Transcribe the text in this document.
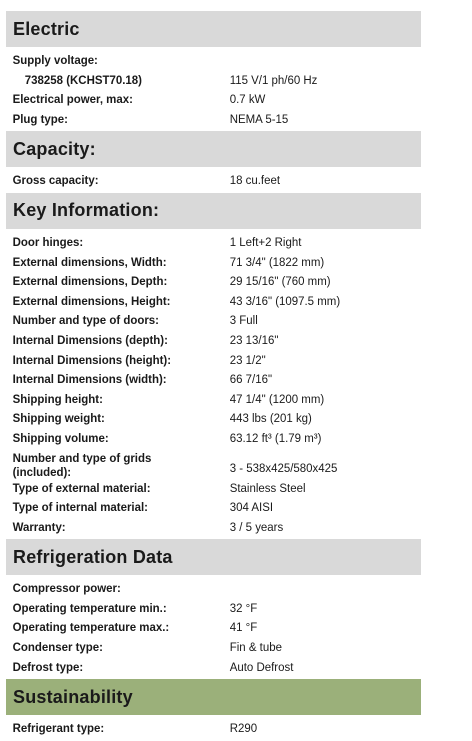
Electric
Supply voltage:
738258 (KCHST70.18)	115 V/1 ph/60 Hz
Electrical power, max:	0.7 kW
Plug type:	NEMA 5-15
Capacity:
Gross capacity:	18 cu.feet
Key Information:
Door hinges:	1 Left+2 Right
External dimensions, Width:	71 3/4" (1822 mm)
External dimensions, Depth:	29 15/16" (760 mm)
External dimensions, Height:	43 3/16" (1097.5 mm)
Number and type of doors:	3 Full
Internal Dimensions (depth):	23 13/16"
Internal Dimensions (height):	23 1/2"
Internal Dimensions (width):	66 7/16"
Shipping height:	47 1/4" (1200 mm)
Shipping weight:	443 lbs (201 kg)
Shipping volume:	63.12 ft³ (1.79 m³)
Number and type of grids
(included):	3 - 538x425/580x425
Type of external material:	Stainless Steel
Type of internal material:	304 AISI
Warranty:	3 / 5 years
Refrigeration Data
Compressor power:
Operating temperature min.:	32 °F
Operating temperature max.:	41 °F
Condenser type:	Fin & tube
Defrost type:	Auto Defrost
Sustainability
Refrigerant type:	R290
